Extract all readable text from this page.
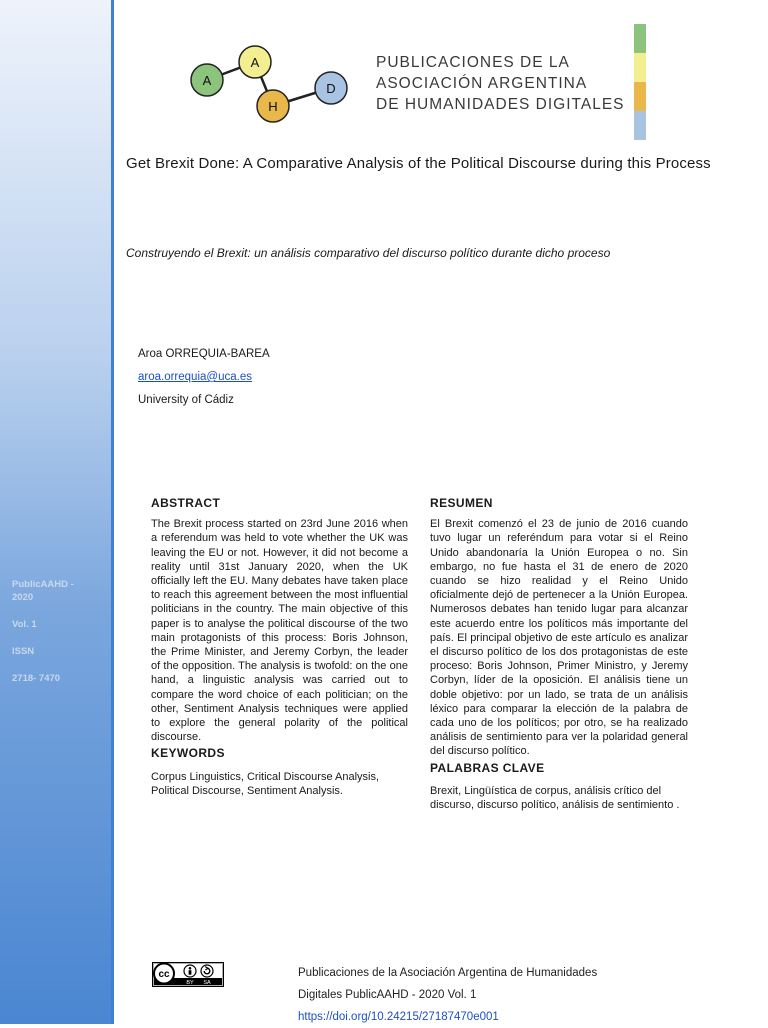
PublicAAHD -
2020
Vol. 1
ISSN
2718- 7470
A
A
H
D
PUBLICACIONES DE LA
ASOCIACIÓN ARGENTINA
DE HUMANIDADES DIGITALES
Get Brexit Done: A Comparative Analysis of the Political Discourse during this Process
Construyendo el Brexit: un análisis comparativo del discurso político durante dicho proceso
Aroa ORREQUIA-BAREA
aroa.orrequia@uca.es
University of Cádiz
ABSTRACT

The Brexit process started on 23rd June 2016 when a referendum was held to vote whether the UK was leaving the EU or not. However, it did not become a reality until 31st January 2020, when the UK officially left the EU. Many debates have taken place to reach this agreement between the most influential politicians in the country. The main objective of this paper is to analyse the political discourse of the two main protagonists of this process: Boris Johnson, the Prime Minister, and Jeremy Corbyn, the leader of the opposition. The analysis is twofold: on the one hand, a linguistic analysis was carried out to compare the word choice of each politician; on the other, Sentiment Analysis techniques were applied to explore the general polarity of the political discourse.

KEYWORDS

Corpus Linguistics, Critical Discourse Analysis, Political Discourse, Sentiment Analysis.

RESUMEN

El Brexit comenzó el 23 de junio de 2016 cuando tuvo lugar un referéndum para votar si el Reino Unido abandonaría la Unión Europea o no. Sin embargo, no fue hasta el 31 de enero de 2020 cuando se hizo realidad y el Reino Unido oficialmente dejó de pertenecer a la Unión Europea. Numerosos debates han tenido lugar para alcanzar este acuerdo entre los políticos más importante del país. El principal objetivo de este artículo es analizar el discurso político de los dos protagonistas de este proceso: Boris Johnson, Primer Ministro, y Jeremy Corbyn, líder de la oposición. El análisis tiene un doble objetivo: por un lado, se trata de un análisis léxico para comparar la elección de la palabra de cada uno de los políticos; por otro, se ha realizado análisis de sentimiento para ver la polaridad general del discurso político.

PALABRAS CLAVE

Brexit, Lingüística de corpus, análisis crítico del discurso, discurso político, análisis de sentimiento .

cc
BY SA
Publicaciones de la Asociación Argentina de Humanidades
Digitales PublicAAHD - 2020 Vol. 1
https://doi.org/10.24215/27187470e001
